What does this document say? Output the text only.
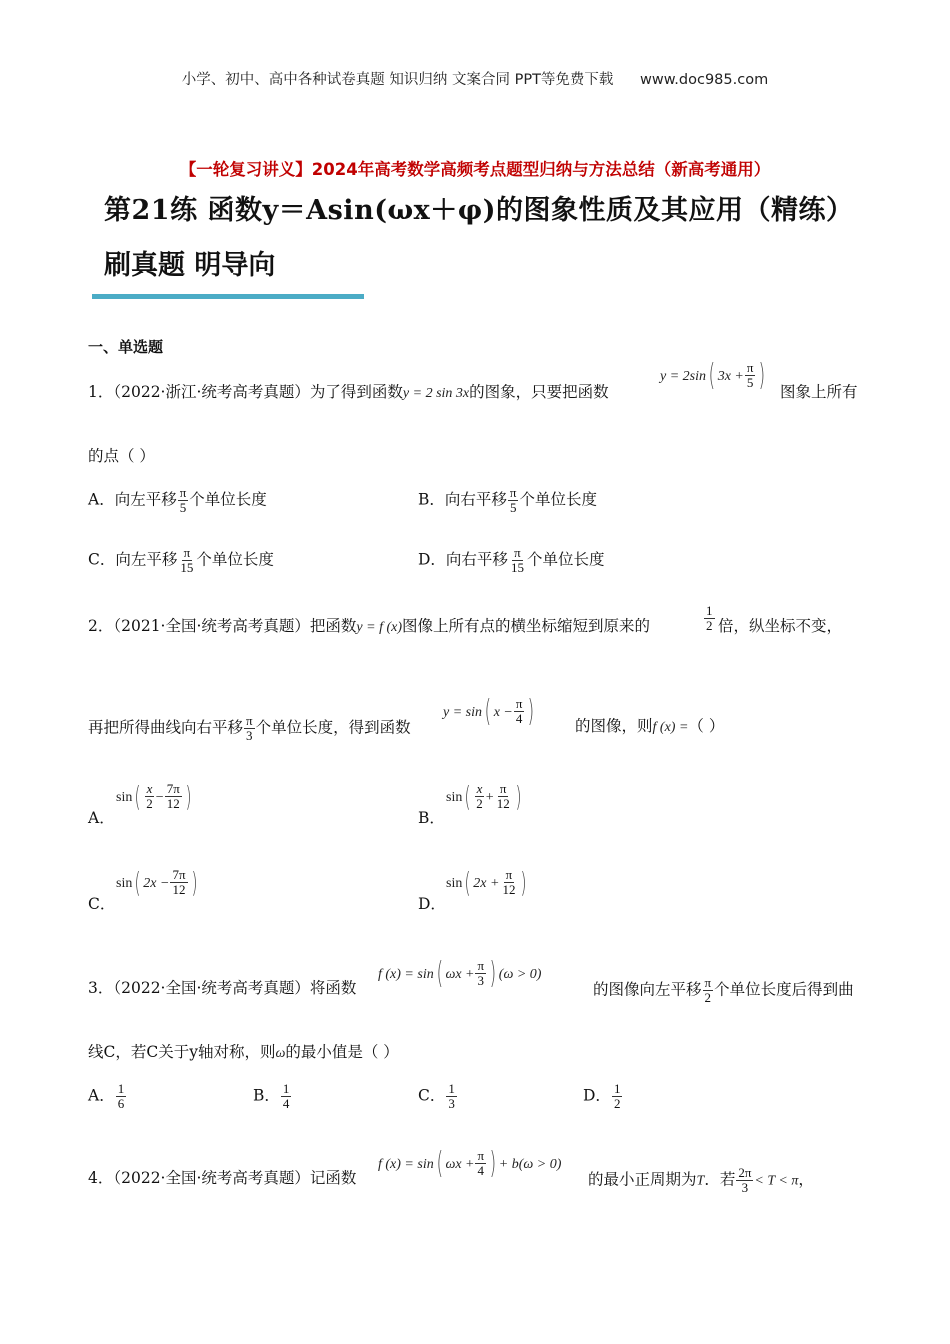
小学、初中、高中各种试卷真题 知识归纳 文案合同 PPT等免费下载 www.doc985.com
【一轮复习讲义】2024年高考数学高频考点题型归纳与方法总结（新高考通用）
第21练 函数y＝Asin(ωx＋φ)的图象性质及其应用（精练）
刷真题 明导向
一、单选题
1．（2022·浙江·统考高考真题）为了得到函数y = 2 sin 3x的图象，只要把函数
y = 2sin( $3x + \frac{\pi}{5}$ ) 图象上所有
的点（ ）
A．向左平移 $\frac{\pi}{5}$ 个单位长度	B．向右平移 $\frac{\pi}{5}$ 个单位长度
C．向左平移 $\frac{\pi}{15}$ 个单位长度	D．向右平移 $\frac{\pi}{15}$ 个单位长度
2．（2021·全国·统考高考真题）把函数y = f (x)图像上所有点的横坐标缩短到原来的	$\frac{1}{2}$ 倍，纵坐标不变，
再把所得曲线向右平移 $\frac{\pi}{3}$ 个单位长度，得到函数
y = sin( $x - \frac{\pi}{4}$ )	的图像，则f (x) =（ ）
A．
$\sin( \frac{x}{2} - \frac{7\pi}{12}$ )
B．
$\sin( \frac{x}{2} + \frac{\pi}{12}$ )
C．
sin( $2x - \frac{7\pi}{12}$ )
D．
sin( $2x + \frac{\pi}{12}$ )
3．（2022·全国·统考高考真题）将函数
f (x) = sin( $\omega x + \frac{\pi}{3}$ ) (ω > 0)
的图像向左平移 $\frac{\pi}{2}$ 个单位长度后得到曲
线C，若C关于y轴对称，则ω的最小值是（ ）
A． $\frac{1}{6}$	B． $\frac{1}{4}$	C． $\frac{1}{3}$	D． $\frac{1}{2}$
4．（2022·全国·统考高考真题）记函数
f (x) = sin( $\omega x + \frac{\pi}{4}$ ) + b(ω > 0)
的最小正周期为T．若 $\frac{2\pi}{3} < T < \pi$，
